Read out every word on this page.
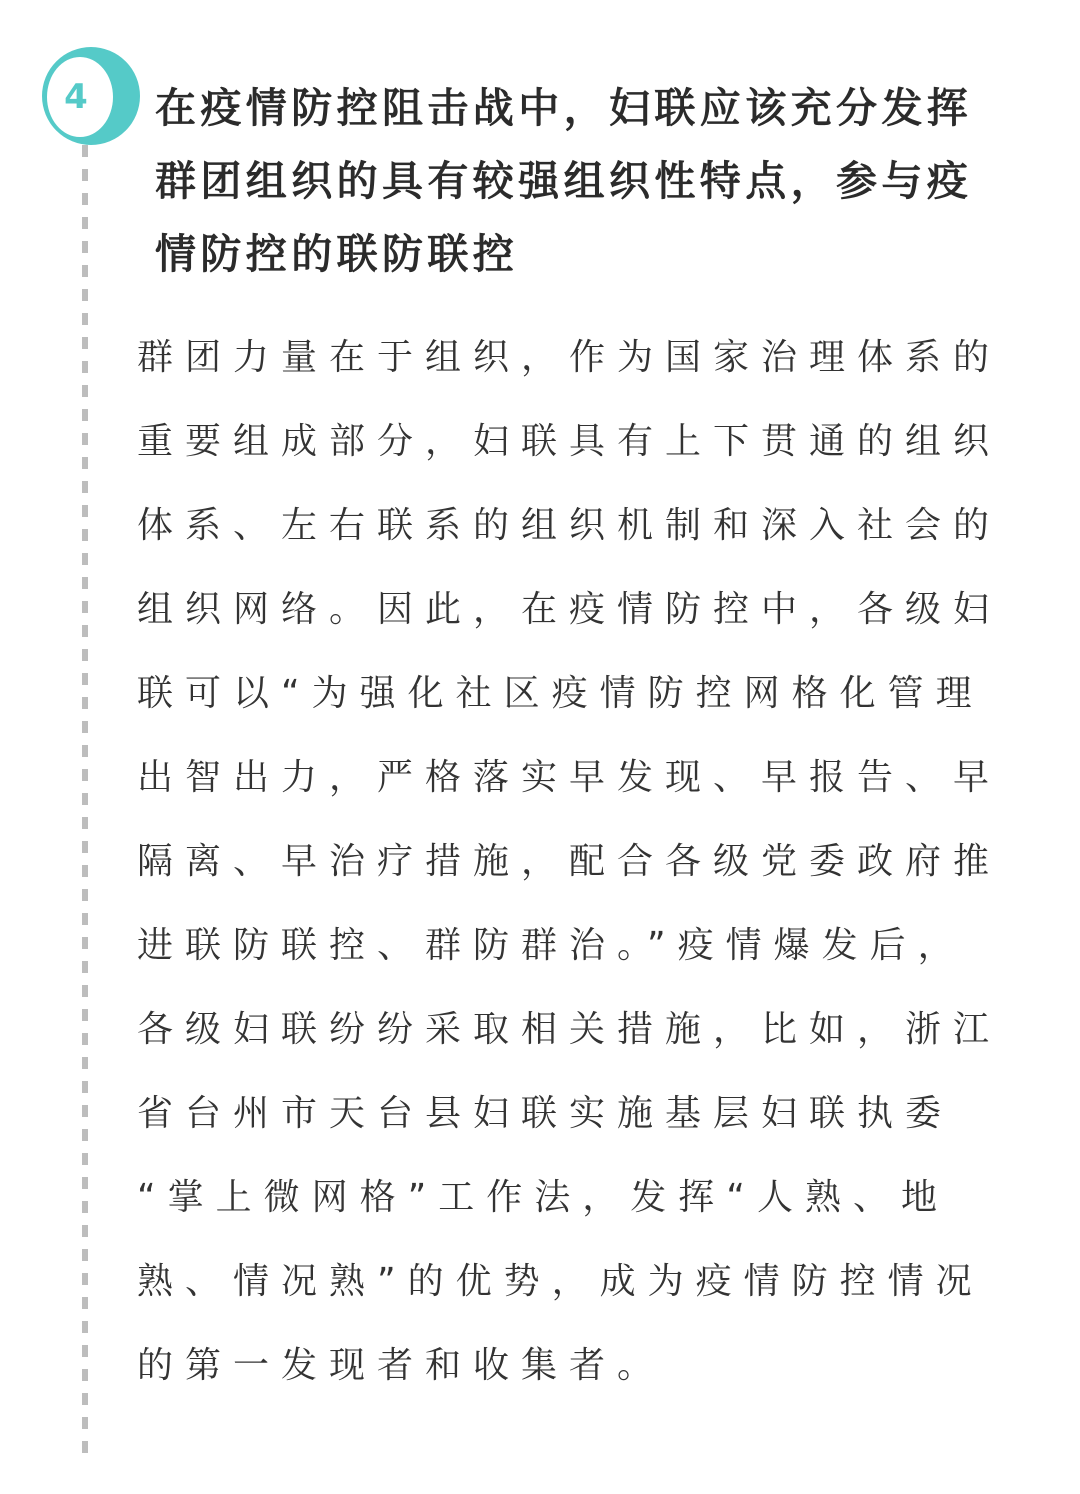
4	在疫情防控阻击战中，妇联应该充分发挥
群团组织的具有较强组织性特点，参与疫
情防控的联防联控

群团力量在于组织，作为国家治理体系的
重要组成部分，妇联具有上下贯通的组织
体系、左右联系的组织机制和深入社会的
组织网络。因此，在疫情防控中，各级妇
联可以“为强化社区疫情防控网格化管理
出智出力，严格落实早发现、早报告、早
隔离、早治疗措施，配合各级党委政府推
进联防联控、群防群治。”疫情爆发后，
各级妇联纷纷采取相关措施，比如，浙江
省台州市天台县妇联实施基层妇联执委
“掌上微网格”工作法，发挥“人熟、地
熟、情况熟”的优势，成为疫情防控情况
的第一发现者和收集者。
